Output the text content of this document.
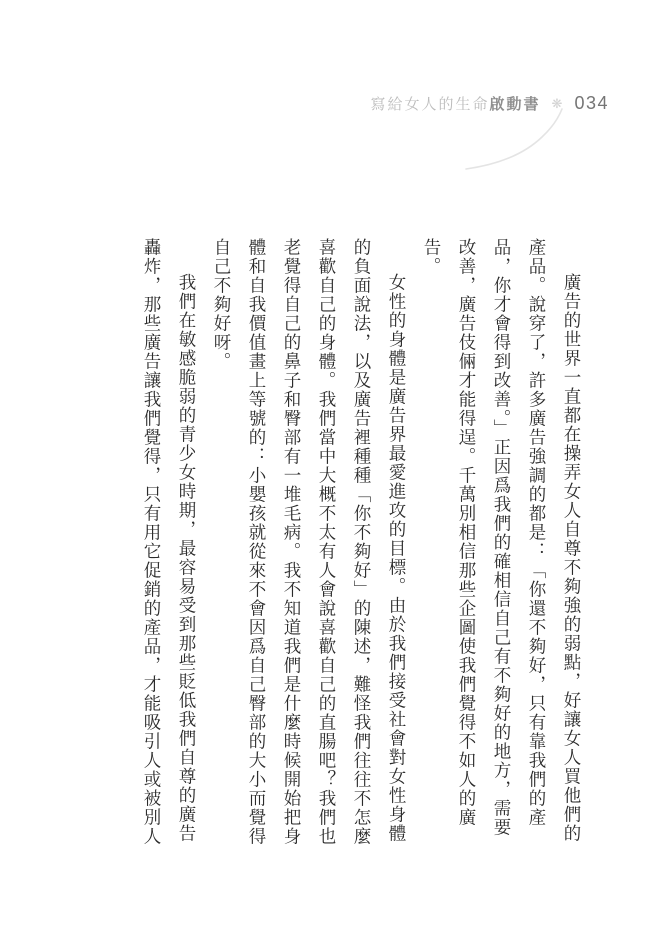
寫給女人的生命啟動書 ❋ 034

廣告的世界一直都在操弄女人自尊不夠強的弱點，好讓女人買他們的產品。說穿了，許多廣告強調的都是：「你還不夠好，只有靠我們的產品，你才會得到改善。」正因爲我們的確相信自己有不夠好的地方，需要改善，廣告伎倆才能得逞。千萬別相信那些企圖使我們覺得不如人的廣告。

女性的身體是廣告界最愛進攻的目標。由於我們接受社會對女性身體的負面說法，以及廣告裡種種「你不夠好」的陳述，難怪我們往往不怎麼喜歡自己的身體。我們當中大概不太有人會說喜歡自己的直腸吧？我們也老覺得自己的鼻子和臀部有一堆毛病。我不知道我們是什麼時候開始把身體和自我價值畫上等號的：小嬰孩就從來不會因爲自己臀部的大小而覺得自己不夠好呀。

我們在敏感脆弱的青少女時期，最容易受到那些貶低我們自尊的廣告轟炸，那些廣告讓我們覺得，只有用它促銷的產品，才能吸引人或被別人
